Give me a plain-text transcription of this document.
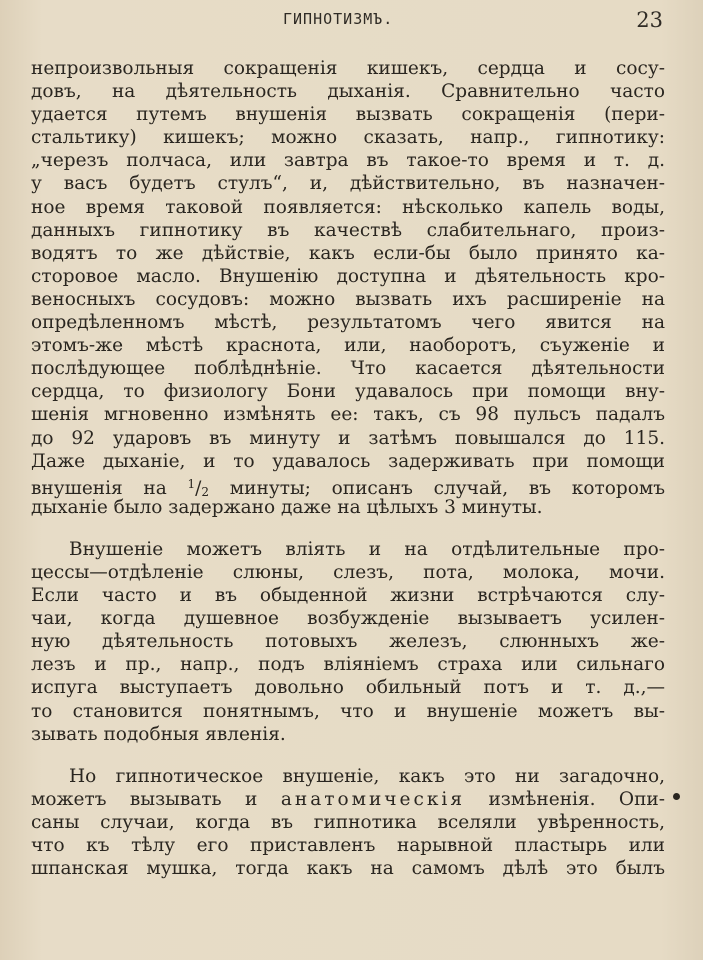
ГИПНОТИЗМЪ.	23
непроизвольныя сокращенія кишекъ, сердца и сосу-
довъ, на дѣятельность дыханія. Сравнительно часто
удается путемъ внушенія вызвать сокращенія (пери-
стальтику) кишекъ; можно сказать, напр., гипнотику:
„черезъ полчаса, или завтра въ такое-то время и т. д.
у васъ будетъ стулъ“, и, дѣйствительно, въ назначен-
ное время таковой появляется: нѣсколько капель воды,
данныхъ гипнотику въ качествѣ слабительнаго, произ-
водятъ то же дѣйствіе, какъ если-бы было принято ка-
сторовое масло. Внушенію доступна и дѣятельность кро-
веносныхъ сосудовъ: можно вызвать ихъ расширеніе на
опредѣленномъ мѣстѣ, результатомъ чего явится на
этомъ-же мѣстѣ краснота, или, наоборотъ, съуженіе и
послѣдующее поблѣднѣніе. Что касается дѣятельности
сердца, то физиологу Бони удавалось при помощи вну-
шенія мгновенно измѣнять ее: такъ, съ 98 пульсъ падалъ
до 92 ударовъ въ минуту и затѣмъ повышался до 115.
Даже дыханіе, и то удавалось задерживать при помощи
внушенія на $^1$/2 минуты; описанъ случай, въ которомъ
дыханіе было задержано даже на цѣлыхъ 3 минуты.
Внушеніе можетъ вліять и на отдѣлительные про-
цессы—отдѣленіе слюны, слезъ, пота, молока, мочи.
Если часто и въ обыденной жизни встрѣчаются слу-
чаи, когда душевное возбужденіе вызываетъ усилен-
ную дѣятельность потовыхъ железъ, слюнныхъ же-
лезъ и пр., напр., подъ вліяніемъ страха или сильнаго
испуга выступаетъ довольно обильный потъ и т. д.,—
то становится понятнымъ, что и внушеніе можетъ вы-
зывать подобныя явленія.
Но гипнотическое внушеніе, какъ это ни загадочно,
можетъ вызывать и анатомическія измѣненія. Опи-
саны случаи, когда въ гипнотика вселяли увѣренность,
что къ тѣлу его приставленъ нарывной пластырь или
шпанская мушка, тогда какъ на самомъ дѣлѣ это былъ
